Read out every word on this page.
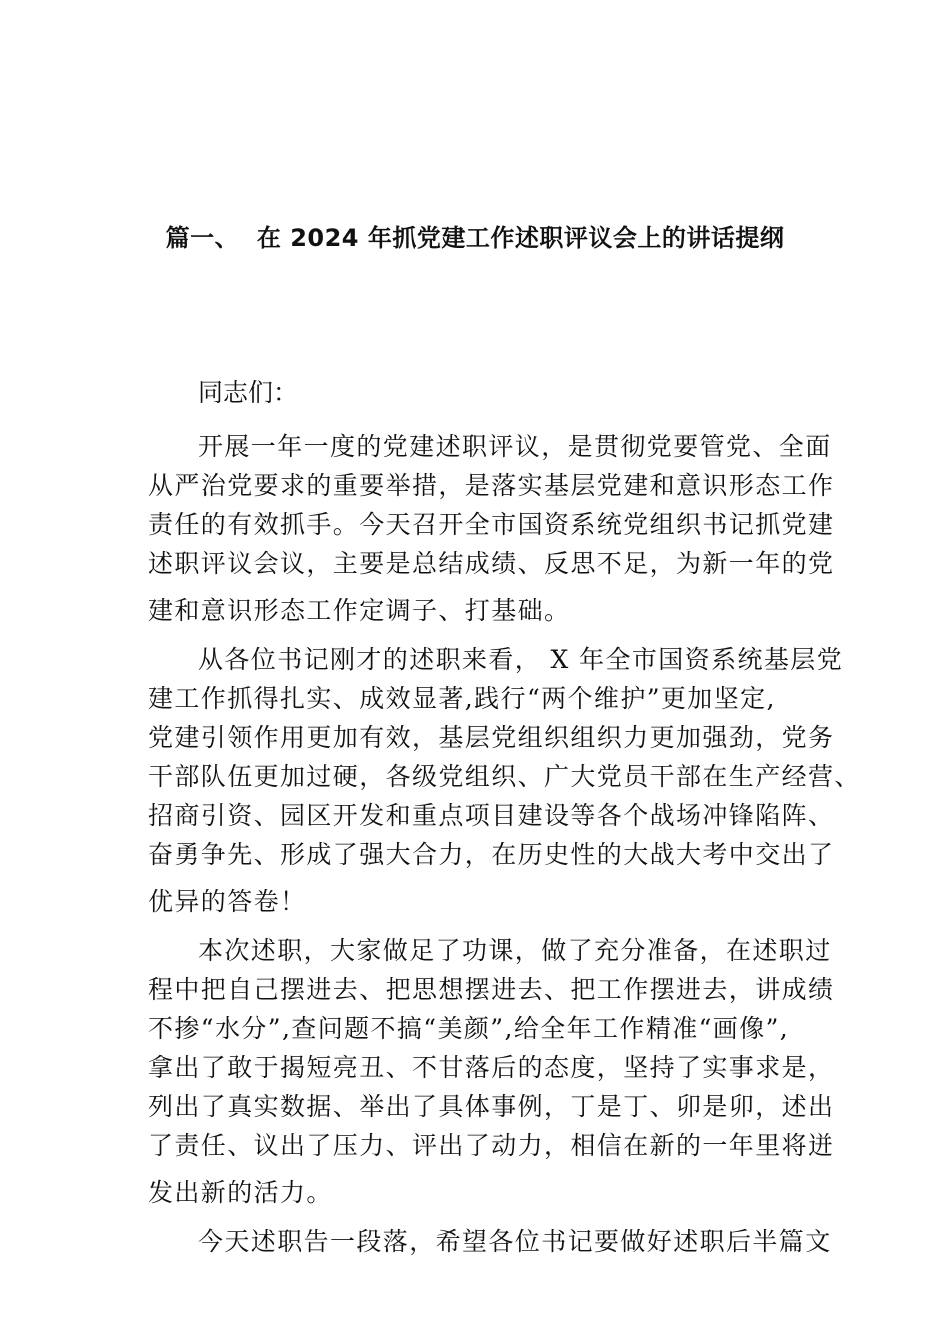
篇一、  在 2024 年抓党建工作述职评议会上的讲话提纲

同志们：

开展一年一度的党建述职评议，是贯彻党要管党、全面
从严治党要求的重要举措，是落实基层党建和意识形态工作
责任的有效抓手。今天召开全市国资系统党组织书记抓党建
述职评议会议，主要是总结成绩、反思不足，为新一年的党
建和意识形态工作定调子、打基础。

从各位书记刚才的述职来看， X 年全市国资系统基层党
建工作抓得扎实、成效显著,践行“两个维护”更加坚定,
党建引领作用更加有效，基层党组织组织力更加强劲，党务
干部队伍更加过硬，各级党组织、广大党员干部在生产经营、
招商引资、园区开发和重点项目建设等各个战场冲锋陷阵、
奋勇争先、形成了强大合力，在历史性的大战大考中交出了
优异的答卷！

本次述职，大家做足了功课，做了充分准备，在述职过
程中把自己摆进去、把思想摆进去、把工作摆进去，讲成绩
不掺“水分”,查问题不搞“美颜”,给全年工作精准“画像”,
拿出了敢于揭短亮丑、不甘落后的态度，坚持了实事求是，
列出了真实数据、举出了具体事例，丁是丁、卯是卯，述出
了责任、议出了压力、评出了动力，相信在新的一年里将迸
发出新的活力。

今天述职告一段落，希望各位书记要做好述职后半篇文
